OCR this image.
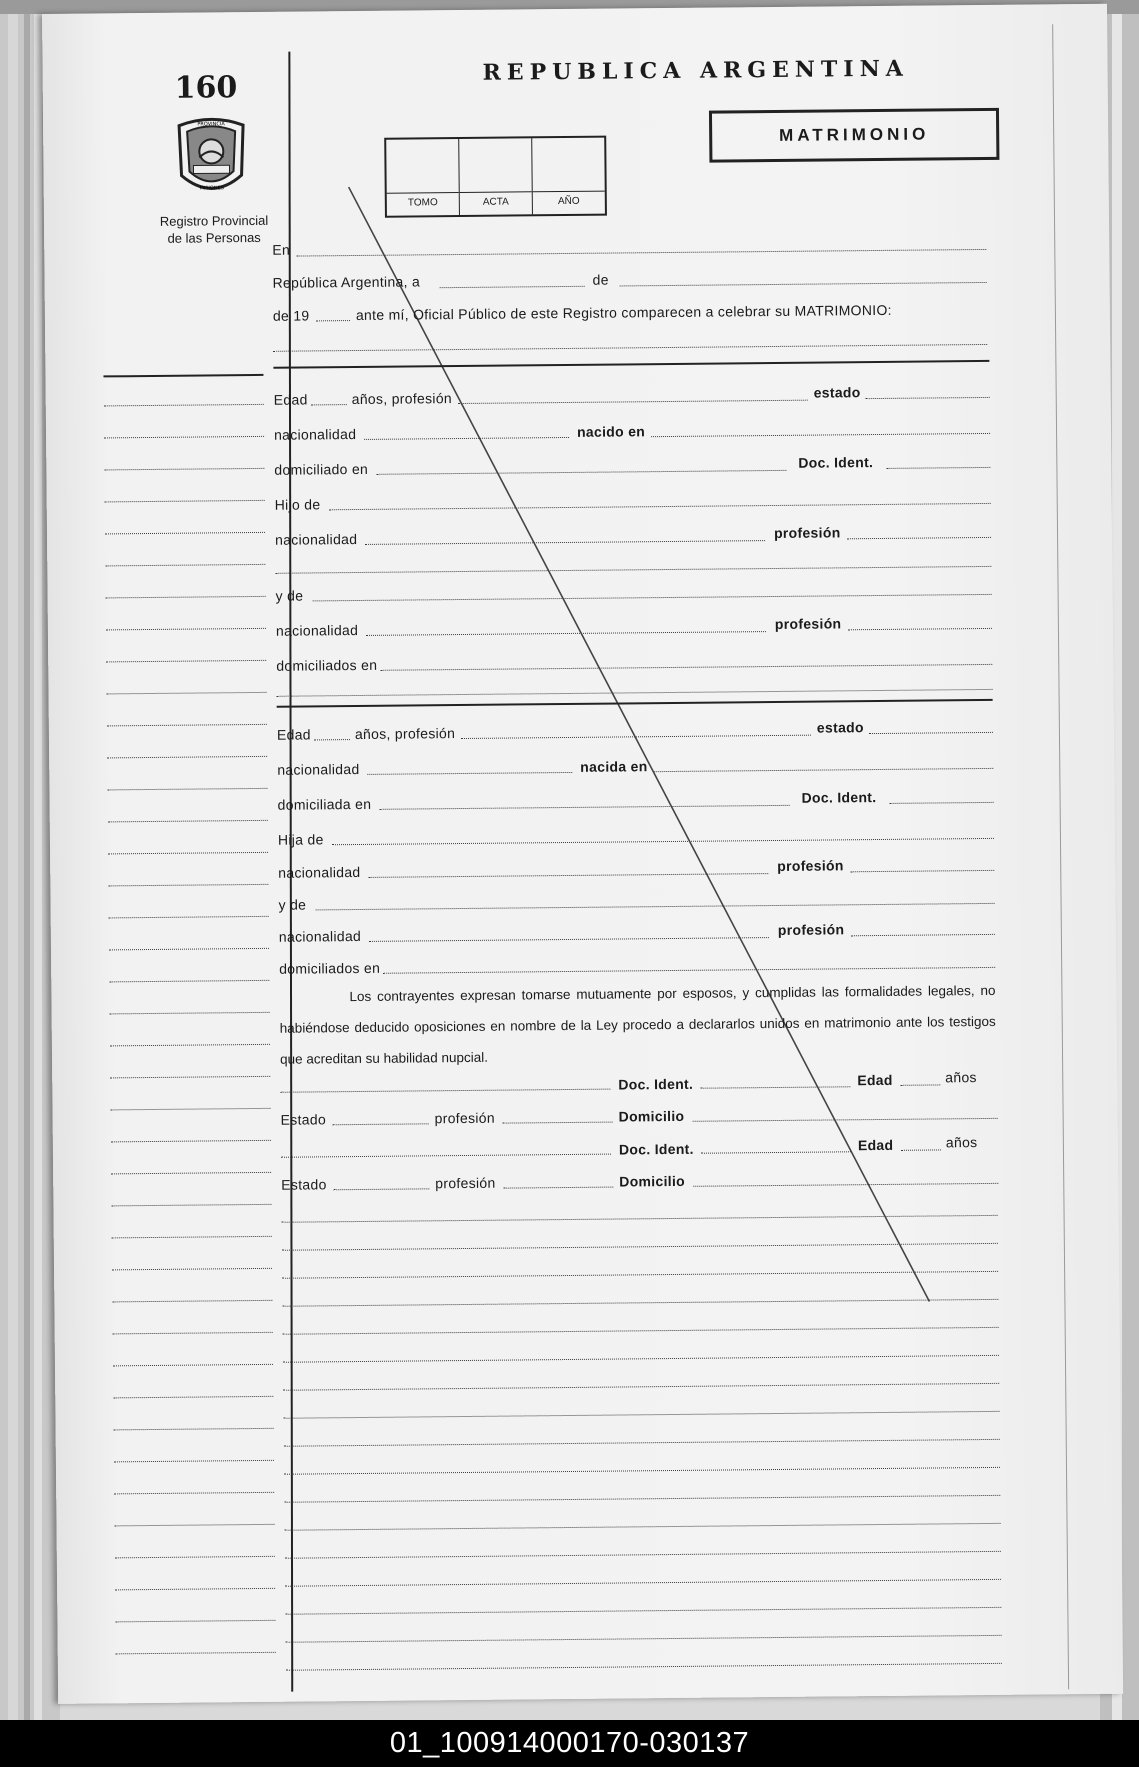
160
PROVINCIA
MISIONES
Registro Provincial
de las Personas
REPUBLICA ARGENTINA
MATRIMONIO
TOMO	ACTA	AÑO
En
República Argentina, a	de
de 19	ante mí, Oficial Público de este Registro comparecen a celebrar su MATRIMONIO:
Edad	años, profesión	estado
nacionalidad	nacido en
domiciliado en	Doc. Ident.
Hijo de
nacionalidad	profesión
y de
nacionalidad	profesión
domiciliados en
Edad	años, profesión	estado
nacionalidad	nacida en
domiciliada en	Doc. Ident.
Hija de
nacionalidad	profesión
y de
nacionalidad	profesión
domiciliados en
Los contrayentes expresan tomarse mutuamente por esposos, y cumplidas las formalidades legales, no habiéndose deducido oposiciones en nombre de la Ley procedo a declararlos unidos en matrimonio ante los testigos que acreditan su habilidad nupcial.
Doc. Ident.	Edad	años
Estado	profesión	Domicilio
Doc. Ident.	Edad	años
Estado	profesión	Domicilio
01_100914000170-030137
